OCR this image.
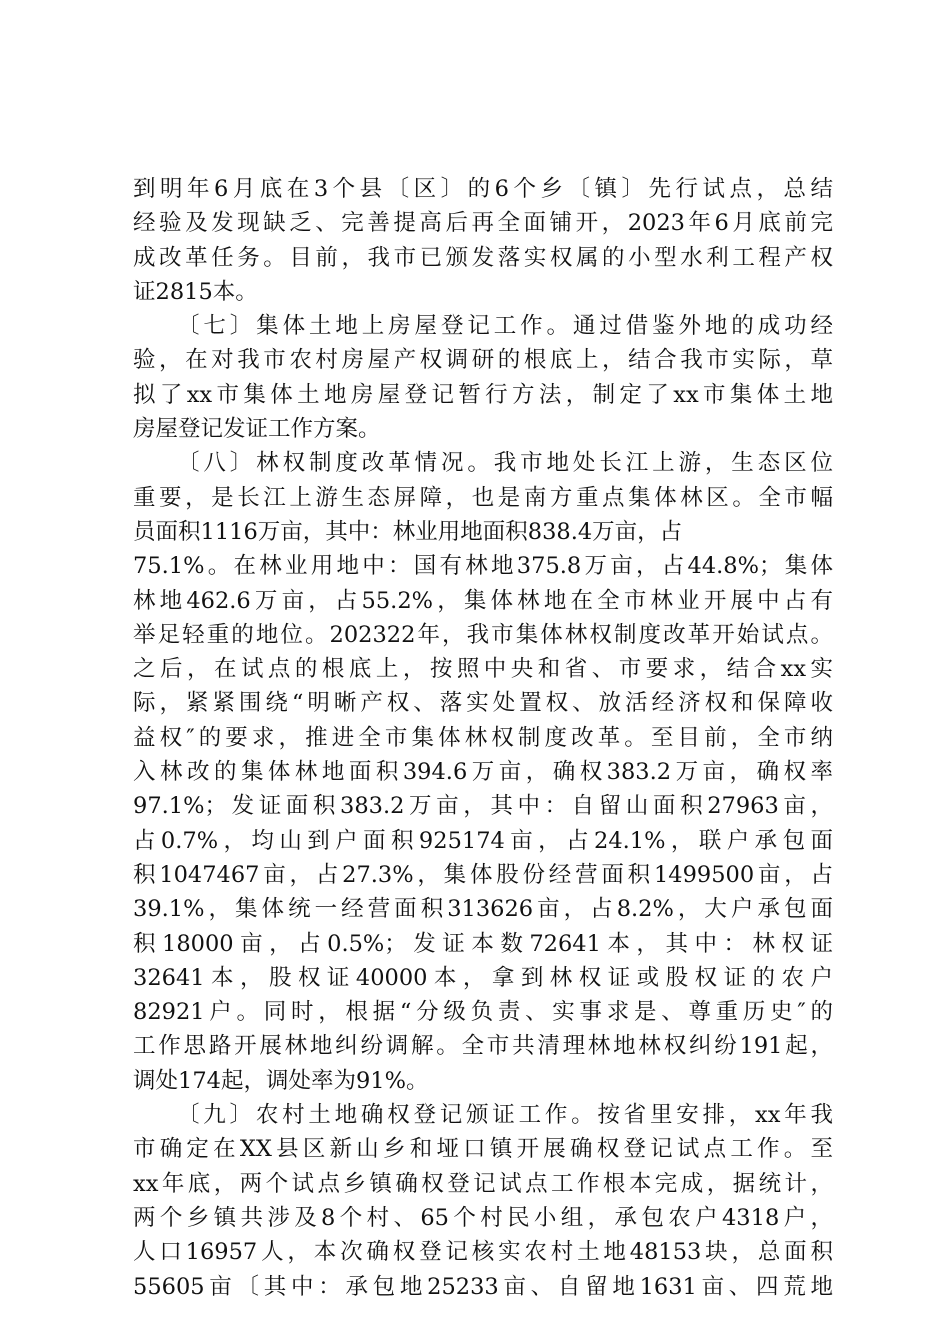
到明年6月底在3个县〔区〕的6个乡〔镇〕先行试点，总结
经验及发现缺乏、完善提高后再全面铺开，2023年6月底前完
成改革任务。目前，我市已颁发落实权属的小型水利工程产权
证2815本。
〔七〕集体土地上房屋登记工作。通过借鉴外地的成功经
验，在对我市农村房屋产权调研的根底上，结合我市实际，草
拟了xx市集体土地房屋登记暂行方法，制定了xx市集体土地
房屋登记发证工作方案。
〔八〕林权制度改革情况。我市地处长江上游，生态区位
重要，是长江上游生态屏障，也是南方重点集体林区。全市幅
员面积1116万亩，其中：林业用地面积838.4万亩，占
75.1%。在林业用地中：国有林地375.8万亩，占44.8%；集体
林地462.6万亩，占55.2%，集体林地在全市林业开展中占有
举足轻重的地位。202322年，我市集体林权制度改革开始试点。
之后，在试点的根底上，按照中央和省、市要求，结合xx实
际，紧紧围绕“明晰产权、落实处置权、放活经济权和保障收
益权″的要求，推进全市集体林权制度改革。至目前，全市纳
入林改的集体林地面积394.6万亩，确权383.2万亩，确权率
97.1%；发证面积383.2万亩，其中：自留山面积27963亩，
占0.7%，均山到户面积925174亩，占24.1%，联户承包面
积1047467亩，占27.3%，集体股份经营面积1499500亩，占
39.1%，集体统一经营面积313626亩，占8.2%，大户承包面
积18000亩，占0.5%；发证本数72641本，其中：林权证
32641本，股权证40000本，拿到林权证或股权证的农户
82921户。同时，根据“分级负责、实事求是、尊重历史″的
工作思路开展林地纠纷调解。全市共清理林地林权纠纷191起，
调处174起，调处率为91%。
〔九〕农村土地确权登记颁证工作。按省里安排，xx年我
市确定在XX县区新山乡和垭口镇开展确权登记试点工作。至
xx年底，两个试点乡镇确权登记试点工作根本完成，据统计，
两个乡镇共涉及8个村、65个村民小组，承包农户4318户，
人口16957人，本次确权登记核实农村土地48153块，总面积
55605亩〔其中：承包地25233亩、自留地1631亩、四荒地
